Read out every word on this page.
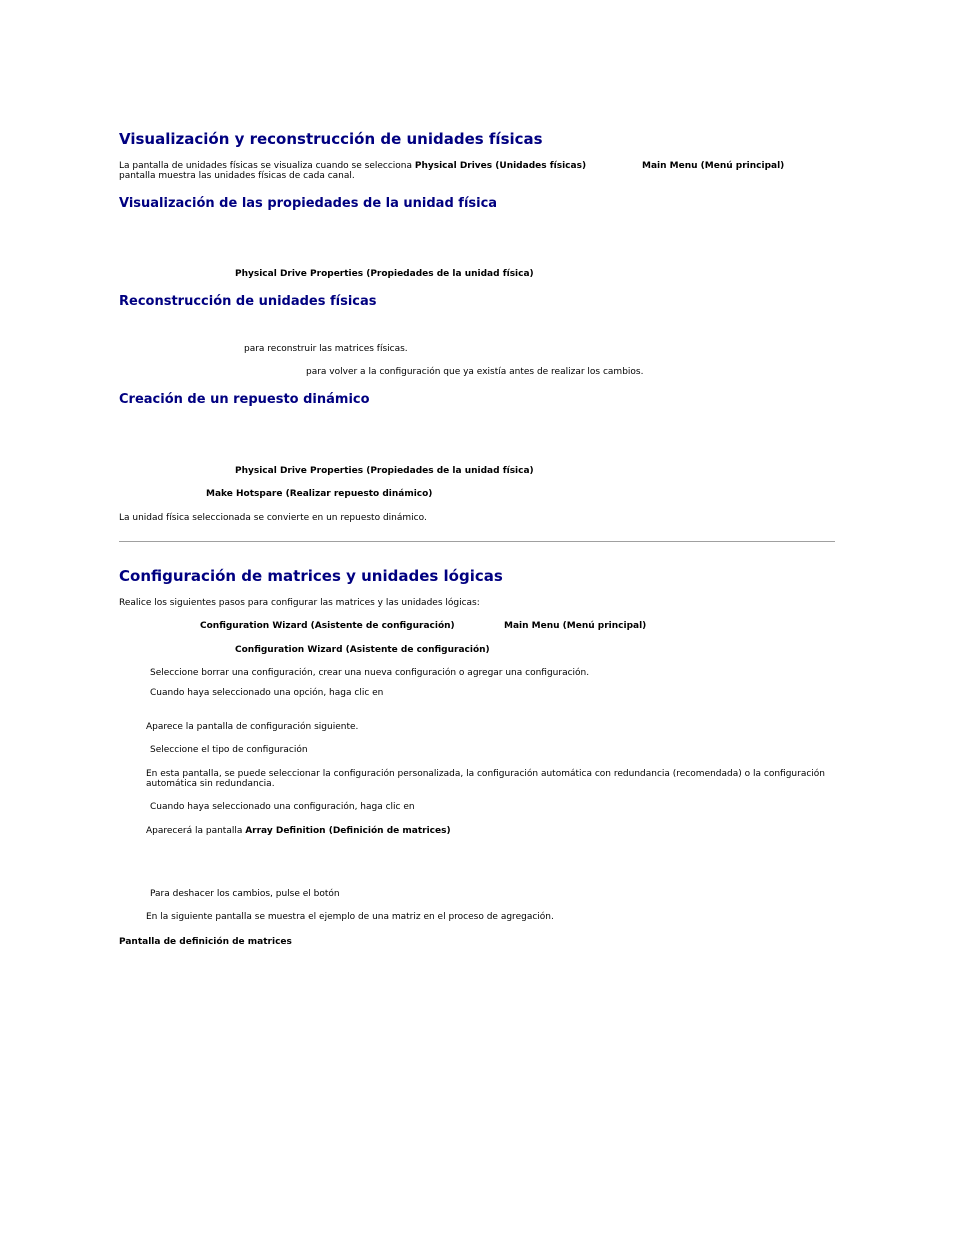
Visualización y reconstrucción de unidades físicas
La pantalla de unidades físicas se visualiza cuando se selecciona Physical Drives (Unidades físicas)	Main Menu (Menú principal)
pantalla muestra las unidades físicas de cada canal.
Visualización de las propiedades de la unidad física
Physical Drive Properties (Propiedades de la unidad física)
Reconstrucción de unidades físicas
para reconstruir las matrices físicas.
para volver a la configuración que ya existía antes de realizar los cambios.
Creación de un repuesto dinámico
Physical Drive Properties (Propiedades de la unidad física)
Make Hotspare (Realizar repuesto dinámico)
La unidad física seleccionada se convierte en un repuesto dinámico.
Configuración de matrices y unidades lógicas
Realice los siguientes pasos para configurar las matrices y las unidades lógicas:
Configuration Wizard (Asistente de configuración)	Main Menu (Menú principal)
Configuration Wizard (Asistente de configuración)
Seleccione borrar una configuración, crear una nueva configuración o agregar una configuración.
Cuando haya seleccionado una opción, haga clic en
Aparece la pantalla de configuración siguiente.
Seleccione el tipo de configuración
En esta pantalla, se puede seleccionar la configuración personalizada, la configuración automática con redundancia (recomendada) o la configuración
automática sin redundancia.
Cuando haya seleccionado una configuración, haga clic en
Aparecerá la pantalla Array Definition (Definición de matrices)
Para deshacer los cambios, pulse el botón
En la siguiente pantalla se muestra el ejemplo de una matriz en el proceso de agregación.
Pantalla de definición de matrices
